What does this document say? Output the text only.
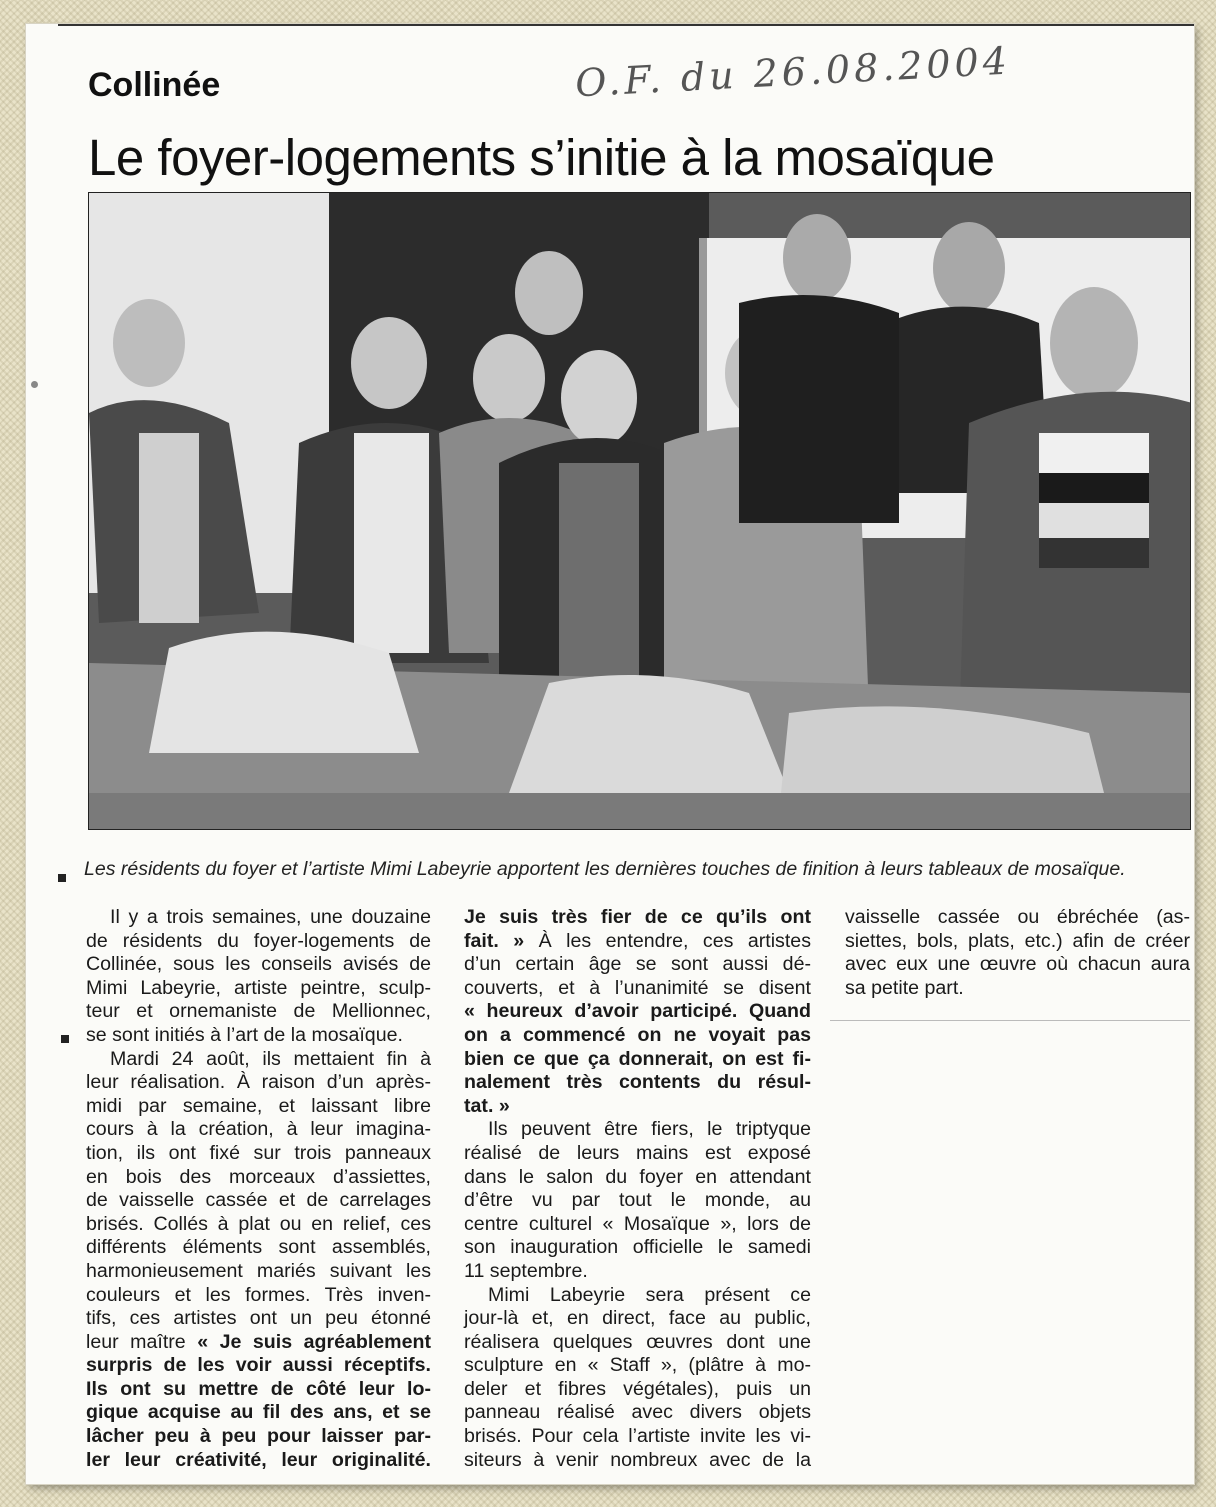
Collinée	O.F. du 26.08.2004
Le foyer-logements s’initie à la mosaïque
Les résidents du foyer et l’artiste Mimi Labeyrie apportent les dernières touches de finition à leurs tableaux de mosaïque.
Il y a trois semaines, une douzaine
de résidents du foyer-logements de
Collinée, sous les conseils avisés de
Mimi Labeyrie, artiste peintre, sculp-
teur et ornemaniste de Mellionnec,
se sont initiés à l’art de la mosaïque.
Mardi 24 août, ils mettaient fin à
leur réalisation. À raison d’un après-
midi par semaine, et laissant libre
cours à la création, à leur imagina-
tion, ils ont fixé sur trois panneaux
en bois des morceaux d’assiettes,
de vaisselle cassée et de carrelages
brisés. Collés à plat ou en relief, ces
différents éléments sont assemblés,
harmonieusement mariés suivant les
couleurs et les formes. Très inven-
tifs, ces artistes ont un peu étonné
leur maître « Je suis agréablement
surpris de les voir aussi réceptifs.
Ils ont su mettre de côté leur lo-
gique acquise au fil des ans, et se
lâcher peu à peu pour laisser par-
ler leur créativité, leur originalité.
Je suis très fier de ce qu’ils ont
fait. » À les entendre, ces artistes
d’un certain âge se sont aussi dé-
couverts, et à l’unanimité se disent
« heureux d’avoir participé. Quand
on a commencé on ne voyait pas
bien ce que ça donnerait, on est fi-
nalement très contents du résul-
tat. »
Ils peuvent être fiers, le triptyque
réalisé de leurs mains est exposé
dans le salon du foyer en attendant
d’être vu par tout le monde, au
centre culturel « Mosaïque », lors de
son inauguration officielle le samedi
11 septembre.
Mimi Labeyrie sera présent ce
jour-là et, en direct, face au public,
réalisera quelques œuvres dont une
sculpture en « Staff », (plâtre à mo-
deler et fibres végétales), puis un
panneau réalisé avec divers objets
brisés. Pour cela l’artiste invite les vi-
siteurs à venir nombreux avec de la
vaisselle cassée ou ébréchée (as-
siettes, bols, plats, etc.) afin de créer
avec eux une œuvre où chacun aura
sa petite part.
